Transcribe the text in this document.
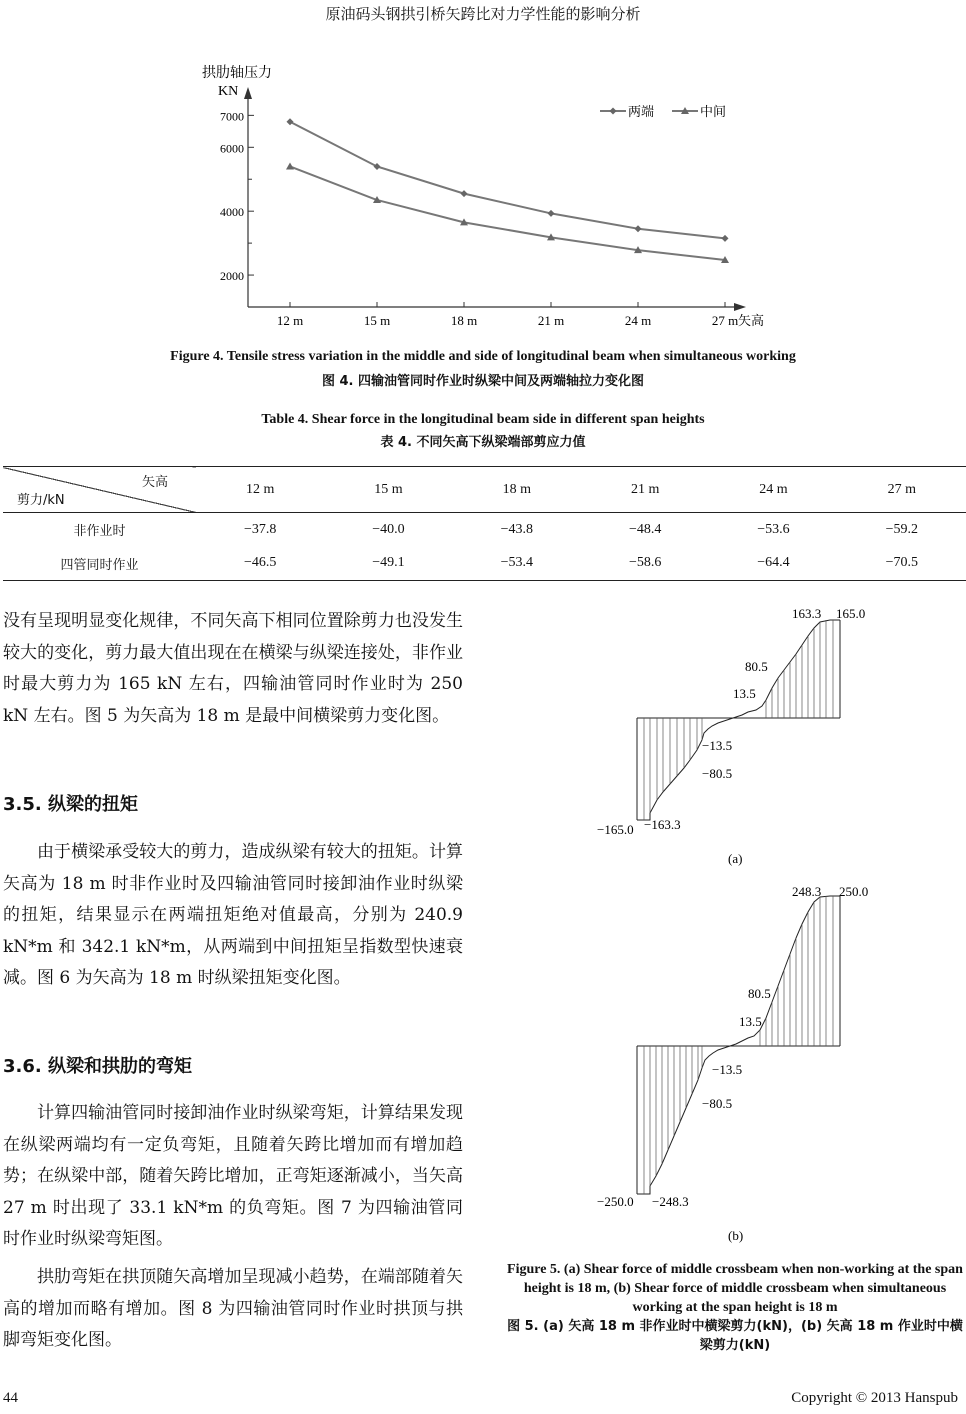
原油码头钢拱引桥矢跨比对力学性能的影响分析
拱肋轴压力
KN
矢高
2000
4000
6000
7000
12 m	15 m	18 m	21 m	24 m	27 m
两端	中间
Figure 4. Tensile stress variation in the middle and side of longitudinal beam when simultaneous working
图 4. 四输油管同时作业时纵梁中间及两端轴拉力变化图
Table 4. Shear force in the longitudinal beam side in different span heights
表 4. 不同矢高下纵梁端部剪应力值
矢高
剪力/kN	12 m	15 m	18 m	21 m	24 m	27 m
非作业时	−37.8	−40.0	−43.8	−48.4	−53.6	−59.2
四管同时作业	−46.5	−49.1	−53.4	−58.6	−64.4	−70.5
没有呈现明显变化规律，不同矢高下相同位置除剪力也没发生较大的变化，剪力最大值出现在在横梁与纵梁连接处，非作业时最大剪力为 165 kN 左右，四输油管同时作业时为 250 kN 左右。图 5 为矢高为 18 m 是最中间横梁剪力变化图。
3.5. 纵梁的扭矩
由于横梁承受较大的剪力，造成纵梁有较大的扭矩。计算矢高为 18 m 时非作业时及四输油管同时接卸油作业时纵梁的扭矩，结果显示在两端扭矩绝对值最高，分别为 240.9 kN*m 和 342.1 kN*m，从两端到中间扭矩呈指数型快速衰减。图 6 为矢高为 18 m 时纵梁扭矩变化图。
3.6. 纵梁和拱肋的弯矩
计算四输油管同时接卸油作业时纵梁弯矩，计算结果发现在纵梁两端均有一定负弯矩，且随着矢跨比增加而有增加趋势；在纵梁中部，随着矢跨比增加，正弯矩逐渐减小，当矢高 27 m 时出现了 33.1 kN*m 的负弯矩。图 7 为四输油管同时作业时纵梁弯矩图。
拱肋弯矩在拱顶随矢高增加呈现减小趋势，在端部随着矢高的增加而略有增加。图 8 为四输油管同时作业时拱顶与拱脚弯矩变化图。
163.3 165.0
80.5
13.5
−13.5
−80.5
−165.0 −163.3
(a)
248.3 250.0
80.5
13.5
−13.5
−80.5
−250.0 −248.3
(b)
Figure 5. (a) Shear force of middle crossbeam when non-working at the span height is 18 m, (b) Shear force of middle crossbeam when simultaneous working at the span height is 18 m
图 5. (a) 矢高 18 m 非作业时中横梁剪力(kN)，(b) 矢高 18 m 作业时中横梁剪力(kN)
44	Copyright © 2013 Hanspub
